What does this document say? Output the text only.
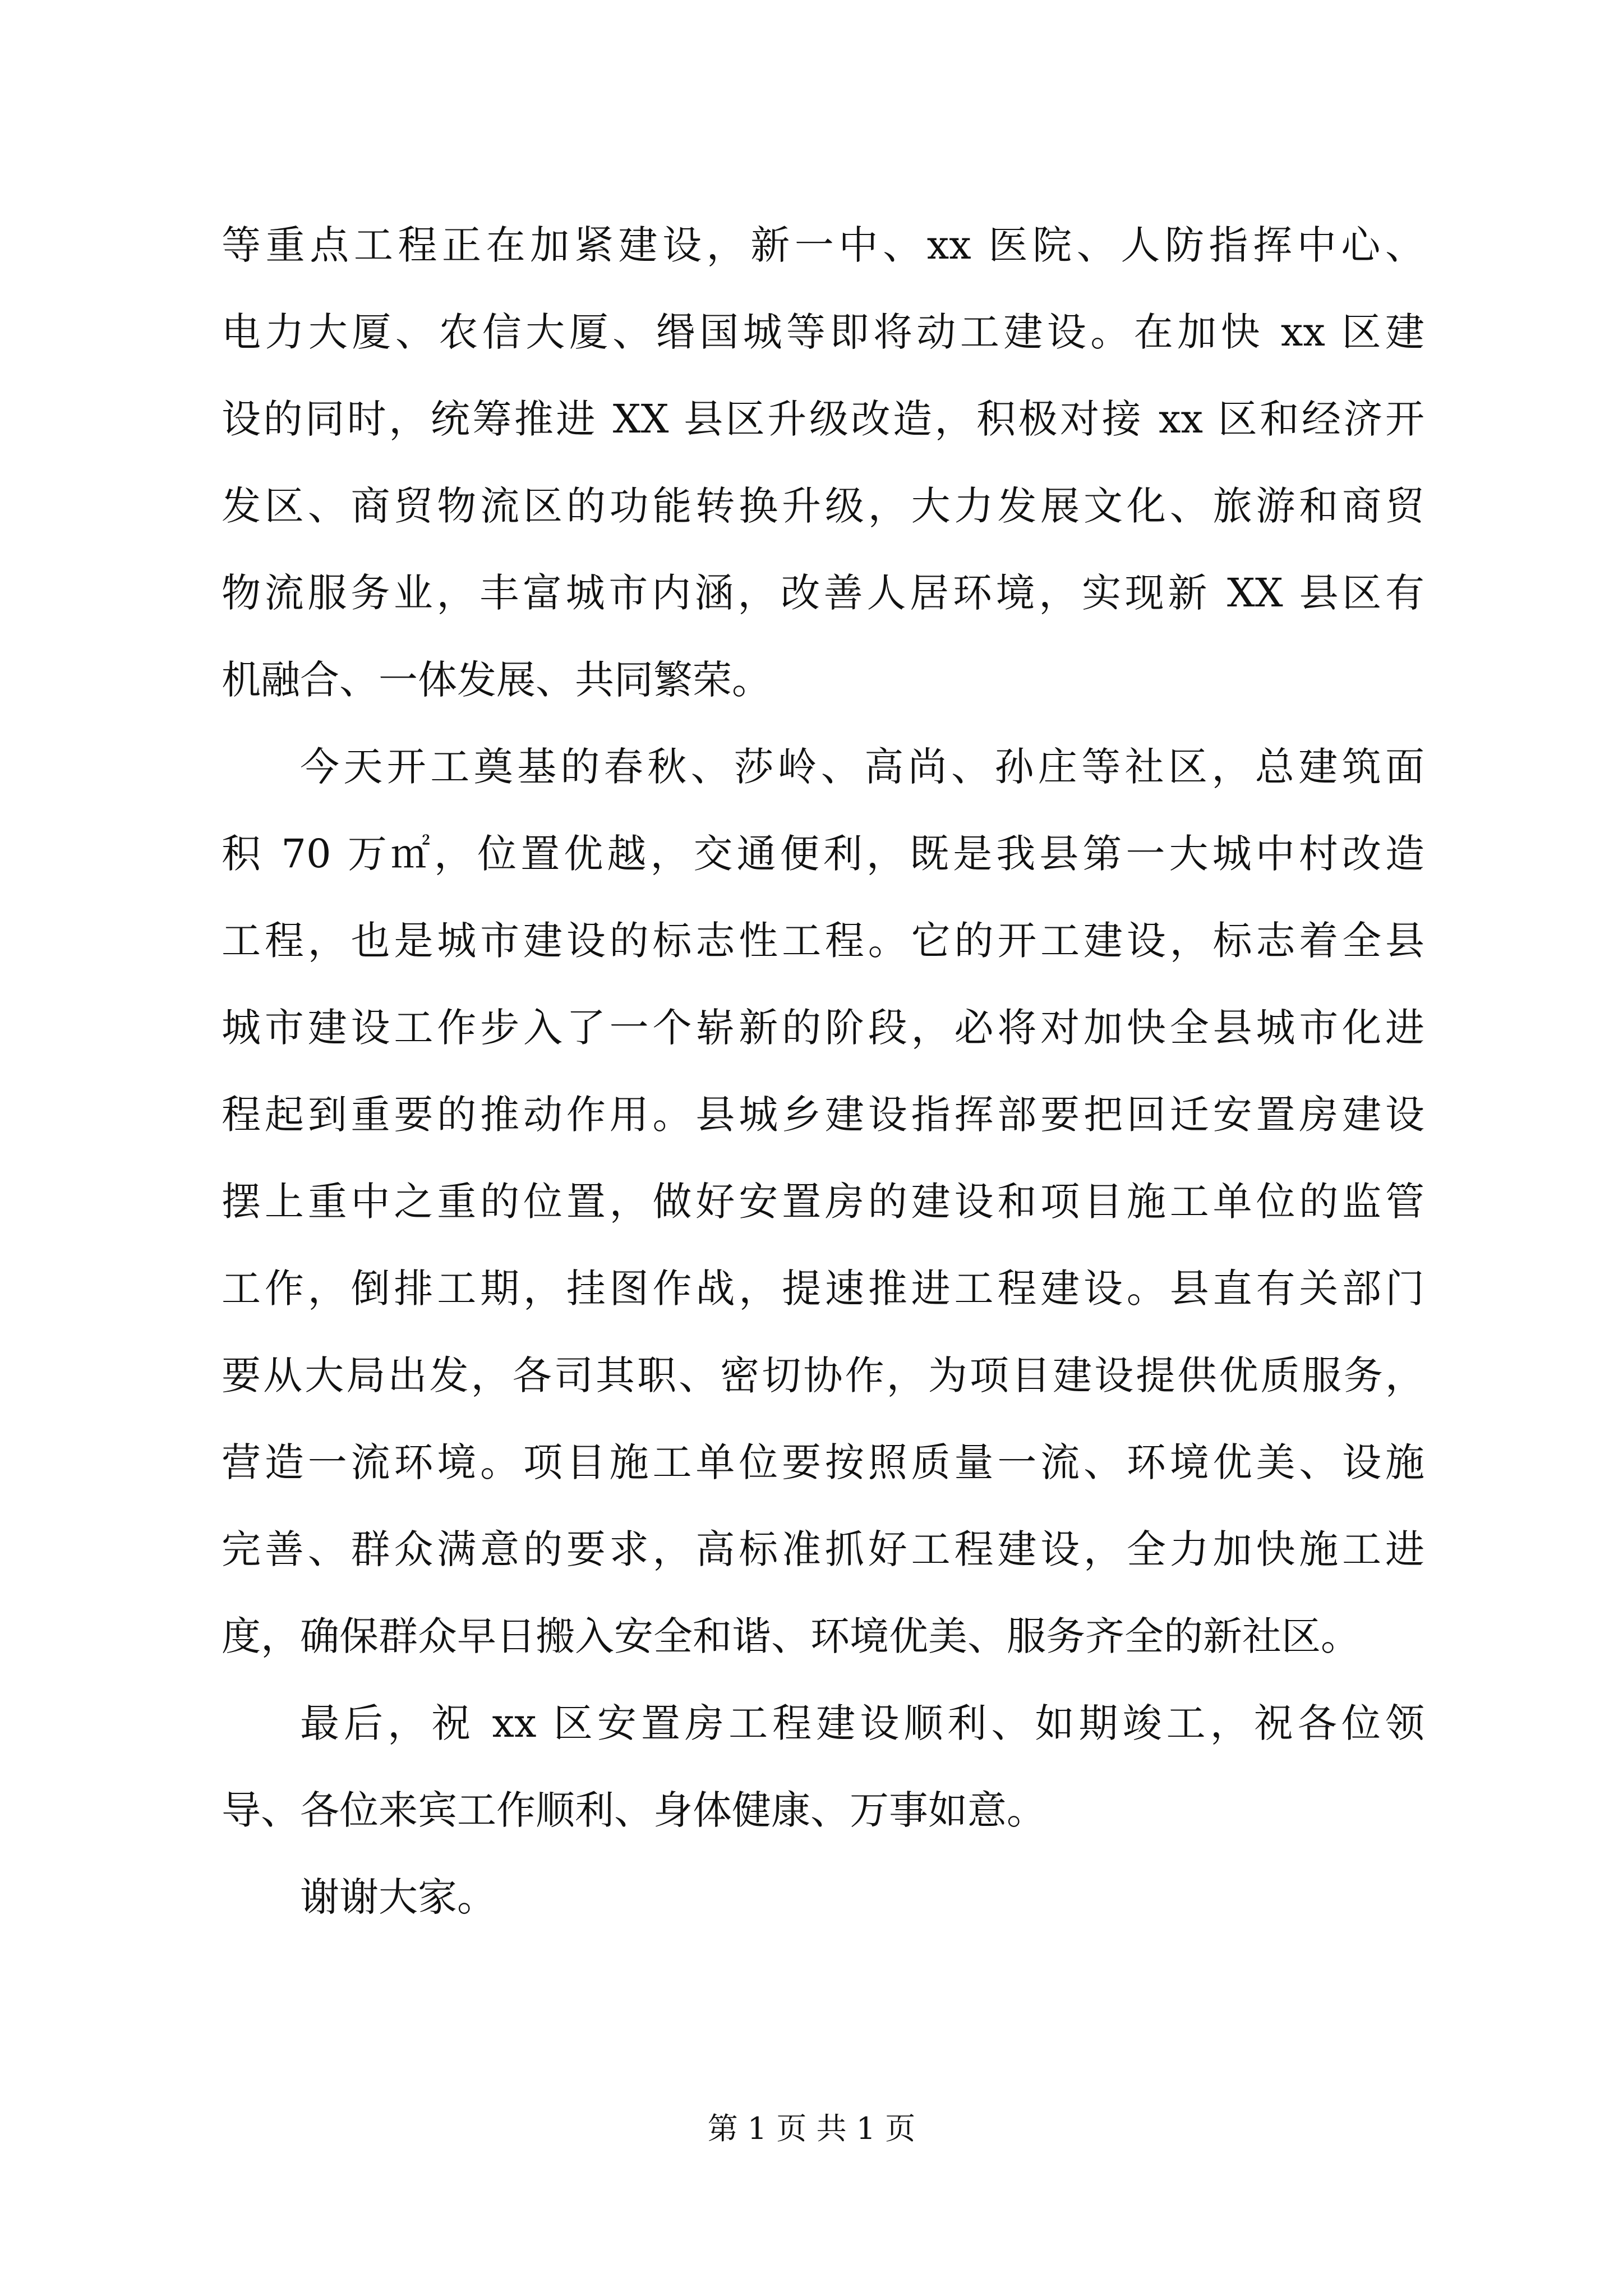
等重点工程正在加紧建设，新一中、xx 医院、人防指挥中心、
电力大厦、农信大厦、缗国城等即将动工建设。在加快 xx 区建
设的同时，统筹推进 XX 县区升级改造，积极对接 xx 区和经济开
发区、商贸物流区的功能转换升级，大力发展文化、旅游和商贸
物流服务业，丰富城市内涵，改善人居环境，实现新 XX 县区有
机融合、一体发展、共同繁荣。
今天开工奠基的春秋、莎岭、高尚、孙庄等社区，总建筑面
积 70 万㎡，位置优越，交通便利，既是我县第一大城中村改造
工程，也是城市建设的标志性工程。它的开工建设，标志着全县
城市建设工作步入了一个崭新的阶段，必将对加快全县城市化进
程起到重要的推动作用。县城乡建设指挥部要把回迁安置房建设
摆上重中之重的位置，做好安置房的建设和项目施工单位的监管
工作，倒排工期，挂图作战，提速推进工程建设。县直有关部门
要从大局出发，各司其职、密切协作，为项目建设提供优质服务，
营造一流环境。项目施工单位要按照质量一流、环境优美、设施
完善、群众满意的要求，高标准抓好工程建设，全力加快施工进
度，确保群众早日搬入安全和谐、环境优美、服务齐全的新社区。
最后，祝 xx 区安置房工程建设顺利、如期竣工，祝各位领
导、各位来宾工作顺利、身体健康、万事如意。
谢谢大家。
第 1 页 共 1 页
